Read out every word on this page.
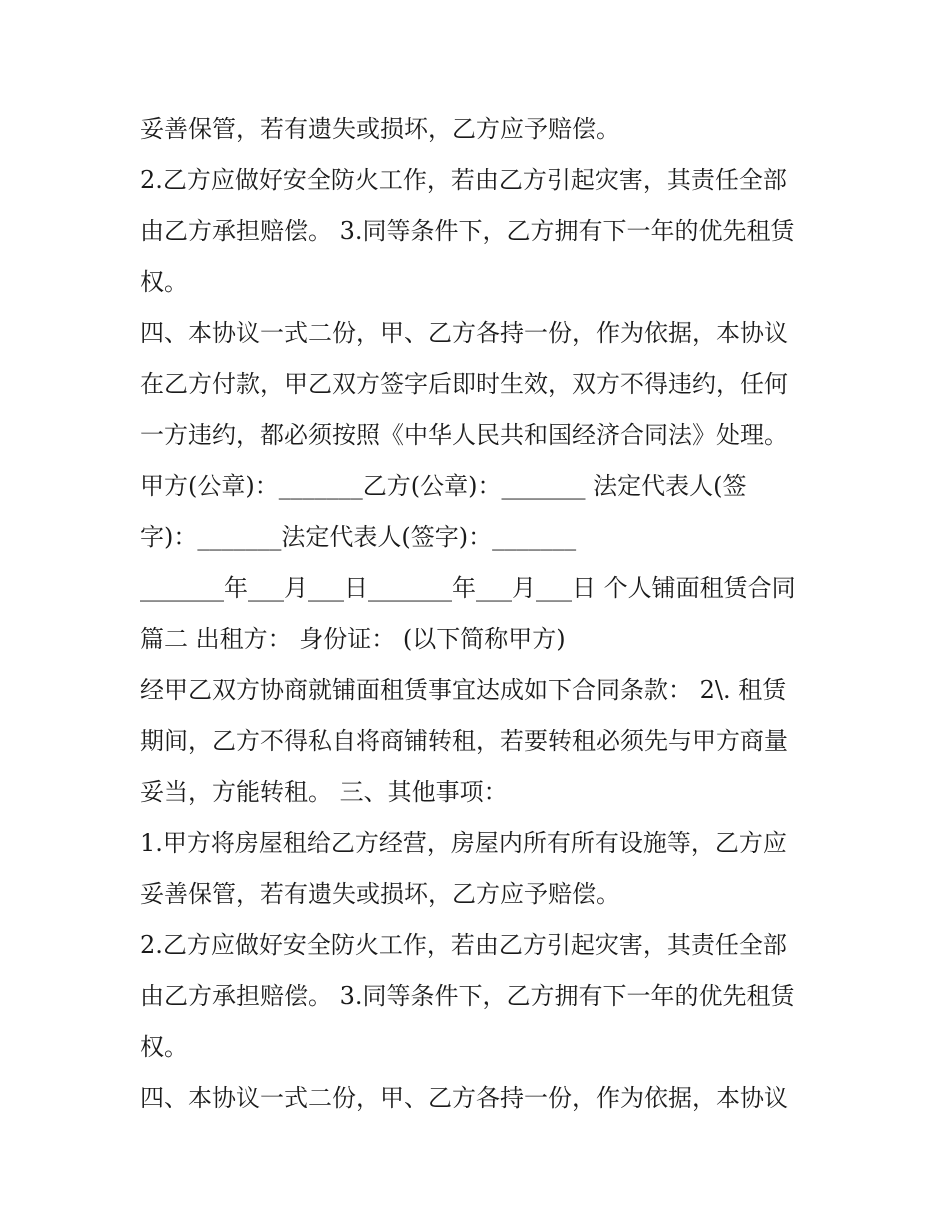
妥善保管，若有遗失或损坏，乙方应予赔偿。
2.乙方应做好安全防火工作，若由乙方引起灾害，其责任全部
由乙方承担赔偿。 3.同等条件下，乙方拥有下一年的优先租赁
权。
四、本协议一式二份，甲、乙方各持一份，作为依据，本协议
在乙方付款，甲乙双方签字后即时生效，双方不得违约，任何
一方违约，都必须按照《中华人民共和国经济合同法》处理。
甲方(公章)：_______乙方(公章)：_______ 法定代表人(签
字)：_______法定代表人(签字)：_______
_______年___月___日_______年___月___日 个人铺面租赁合同
篇二 出租方： 身份证： (以下简称甲方)
经甲乙双方协商就铺面租赁事宜达成如下合同条款： 2\. 租赁
期间，乙方不得私自将商铺转租，若要转租必须先与甲方商量
妥当，方能转租。 三、其他事项：
1.甲方将房屋租给乙方经营，房屋内所有所有设施等，乙方应
妥善保管，若有遗失或损坏，乙方应予赔偿。
2.乙方应做好安全防火工作，若由乙方引起灾害，其责任全部
由乙方承担赔偿。 3.同等条件下，乙方拥有下一年的优先租赁
权。
四、本协议一式二份，甲、乙方各持一份，作为依据，本协议
